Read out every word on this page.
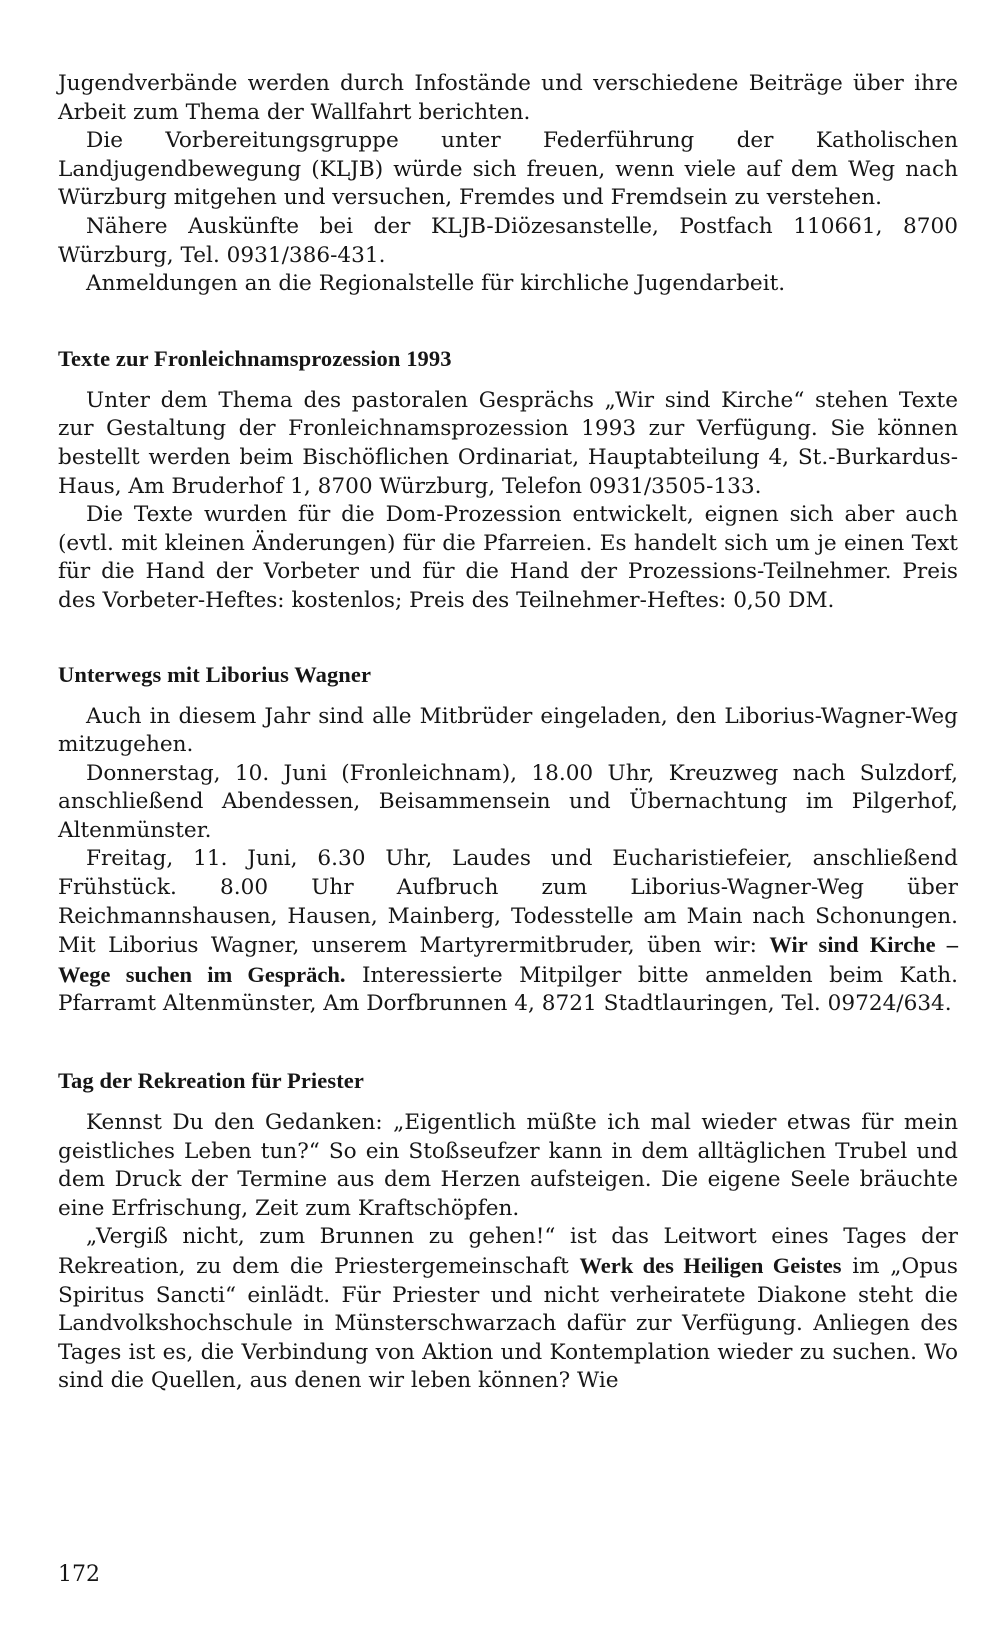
Jugendverbände werden durch Infostände und verschiedene Beiträge über ihre Arbeit zum Thema der Wallfahrt berichten.

Die Vorbereitungsgruppe unter Federführung der Katholischen Landjugendbewegung (KLJB) würde sich freuen, wenn viele auf dem Weg nach Würzburg mitgehen und versuchen, Fremdes und Fremdsein zu verstehen.

Nähere Auskünfte bei der KLJB-Diözesanstelle, Postfach 110661, 8700 Würzburg, Tel. 0931/386-431.

Anmeldungen an die Regionalstelle für kirchliche Jugendarbeit.

Texte zur Fronleichnamsprozession 1993

Unter dem Thema des pastoralen Gesprächs „Wir sind Kirche“ stehen Texte zur Gestaltung der Fronleichnamsprozession 1993 zur Verfügung. Sie können bestellt werden beim Bischöflichen Ordinariat, Hauptabteilung 4, St.-Burkardus-Haus, Am Bruderhof 1, 8700 Würzburg, Telefon 0931/3505-133.

Die Texte wurden für die Dom-Prozession entwickelt, eignen sich aber auch (evtl. mit kleinen Änderungen) für die Pfarreien. Es handelt sich um je einen Text für die Hand der Vorbeter und für die Hand der Prozessions-Teilnehmer. Preis des Vorbeter-Heftes: kostenlos; Preis des Teilnehmer-Heftes: 0,50 DM.

Unterwegs mit Liborius Wagner

Auch in diesem Jahr sind alle Mitbrüder eingeladen, den Liborius-Wagner-Weg mitzugehen.

Donnerstag, 10. Juni (Fronleichnam), 18.00 Uhr, Kreuzweg nach Sulzdorf, anschließend Abendessen, Beisammensein und Übernachtung im Pilgerhof, Altenmünster.

Freitag, 11. Juni, 6.30 Uhr, Laudes und Eucharistiefeier, anschließend Frühstück. 8.00 Uhr Aufbruch zum Liborius-Wagner-Weg über Reichmannshausen, Hausen, Mainberg, Todesstelle am Main nach Schonungen. Mit Liborius Wagner, unserem Martyrermitbruder, üben wir: Wir sind Kirche – Wege suchen im Gespräch. Interessierte Mitpilger bitte anmelden beim Kath. Pfarramt Altenmünster, Am Dorfbrunnen 4, 8721 Stadtlauringen, Tel. 09724/634.

Tag der Rekreation für Priester

Kennst Du den Gedanken: „Eigentlich müßte ich mal wieder etwas für mein geistliches Leben tun?“ So ein Stoßseufzer kann in dem alltäglichen Trubel und dem Druck der Termine aus dem Herzen aufsteigen. Die eigene Seele bräuchte eine Erfrischung, Zeit zum Kraftschöpfen.

„Vergiß nicht, zum Brunnen zu gehen!“ ist das Leitwort eines Tages der Rekreation, zu dem die Priestergemeinschaft Werk des Heiligen Geistes im „Opus Spiritus Sancti“ einlädt. Für Priester und nicht verheiratete Diakone steht die Landvolkshochschule in Münsterschwarzach dafür zur Verfügung. Anliegen des Tages ist es, die Verbindung von Aktion und Kontemplation wieder zu suchen. Wo sind die Quellen, aus denen wir leben können? Wie

172
